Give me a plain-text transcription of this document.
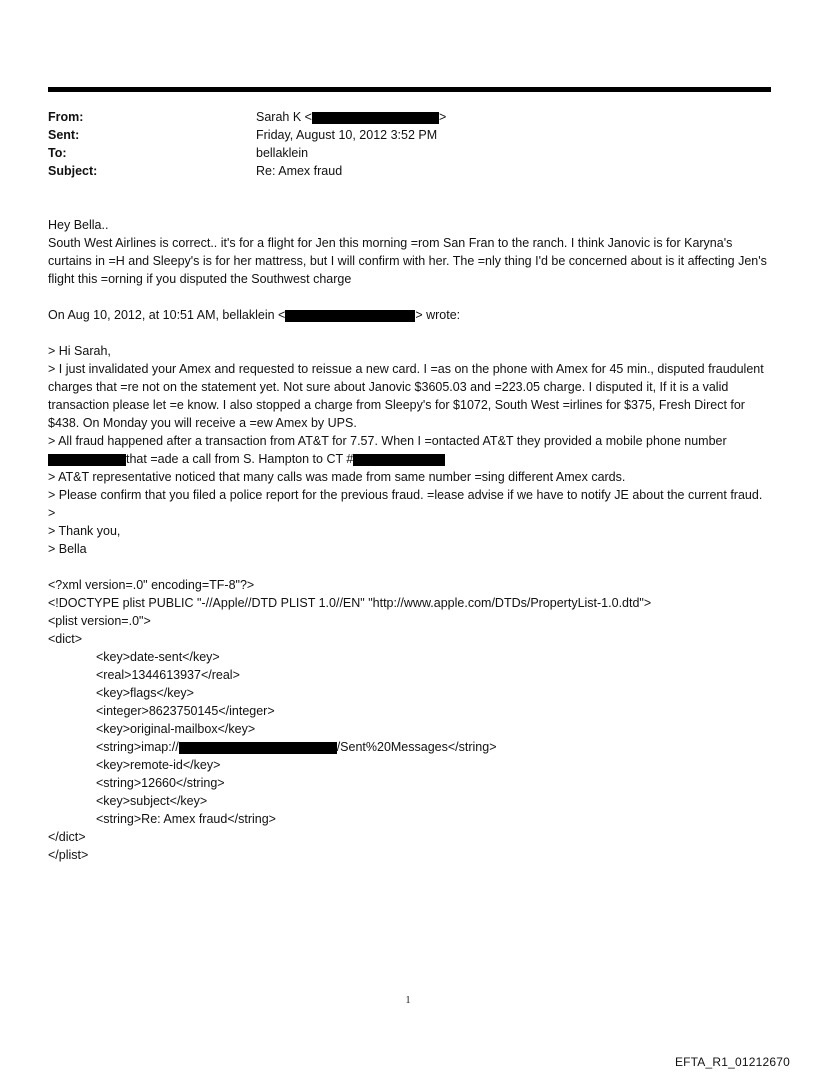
From:	Sarah K <	>
Sent:	Friday, August 10, 2012 3:52 PM
To:	bellaklein
Subject:	Re: Amex fraud

Hey Bella..

South West Airlines is correct.. it's for a flight for Jen this morning =rom San Fran to the ranch. I think Janovic is for Karyna's curtains in =H and Sleepy's is for her mattress, but I will confirm with her. The =nly thing I'd be concerned about is it affecting Jen's flight this =orning if you disputed the Southwest charge

On Aug 10, 2012, at 10:51 AM, bellaklein <	> wrote:

> Hi Sarah,

> I just invalidated your Amex and requested to reissue a new card. I =as on the phone with Amex for 45 min., disputed fraudulent charges that =re not on the statement yet. Not sure about Janovic $3605.03 and =223.05 charge. I disputed it, If it is a valid transaction please let =e know. I also stopped a charge from Sleepy's for $1072, South West =irlines for $375, Fresh Direct for $438. On Monday you will receive a =ew Amex by UPS.

> All fraud happened after a transaction from AT&T for 7.57. When I =ontacted AT&T they provided a mobile phone numberthat =ade a call from S. Hampton to CT #

> AT&T representative noticed that many calls was made from same number =sing different Amex cards.

> Please confirm that you filed a police report for the previous fraud. =lease advise if we have to notify JE about the current fraud.

>

> Thank you,

> Bella

<?xml version=.0" encoding=TF-8"?>

<!DOCTYPE plist PUBLIC "-//Apple//DTD PLIST 1.0//EN" "http://www.apple.com/DTDs/PropertyList-1.0.dtd">

<plist version=.0">

<dict>

<key>date-sent</key>

<real>1344613937</real>

<key>flags</key>

<integer>8623750145</integer>

<key>original-mailbox</key>

<string>imap://	/Sent%20Messages</string>

<key>remote-id</key>

<string>12660</string>

<key>subject</key>

<string>Re: Amex fraud</string>

</dict>

</plist>

1
EFTA_R1_01212670
